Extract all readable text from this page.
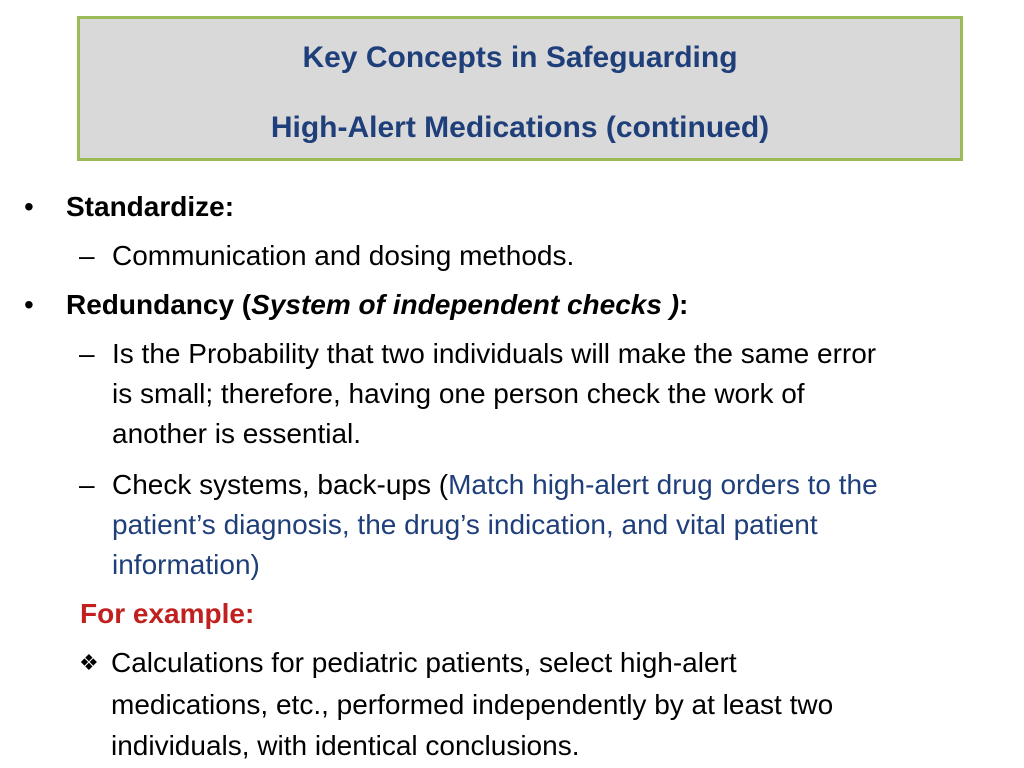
Key Concepts in Safeguarding
High-Alert Medications (continued)
• Standardize:
– Communication and dosing methods.
• Redundancy (System of independent checks ):
– Is the Probability that two individuals will make the same error
is small; therefore, having one person check the work of
another is essential.
– Check systems, back-ups (Match high-alert drug orders to the
patient’s diagnosis, the drug’s indication, and vital patient
information)
For example:
❖ Calculations for pediatric patients, select high-alert
medications, etc., performed independently by at least two
individuals, with identical conclusions.
